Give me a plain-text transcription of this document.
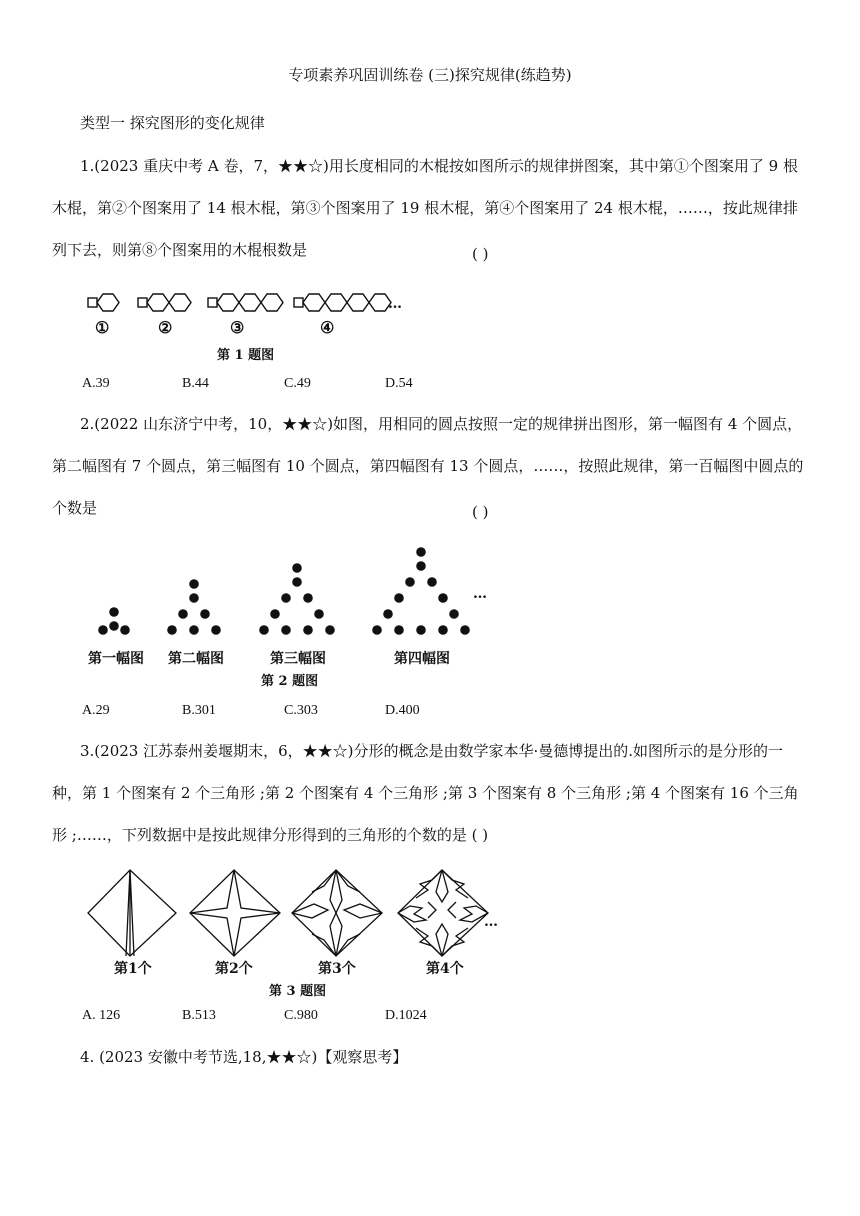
专项素养巩固训练卷 (三)探究规律(练趋势)
类型一 探究图形的变化规律

1.(2023 重庆中考 A 卷，7，★★☆)用长度相同的木棍按如图所示的规律拼图案，其中第①个图案用了 9 根木棍，第②个图案用了 14 根木棍，第③个图案用了 19 根木棍，第④个图案用了 24 根木棍，……，按此规律排列下去，则第⑧个图案用的木棍根数是	( )
①	②	③	④
…
第 1 题图
A.39	B.44	C.49	D.54

2.(2022 山东济宁中考，10，★★☆)如图，用相同的圆点按照一定的规律拼出图形，第一幅图有 4 个圆点，第二幅图有 7 个圆点，第三幅图有 10 个圆点，第四幅图有 13 个圆点，……，按照此规律，第一百幅图中圆点的个数是	( )
…
第一幅图 第二幅图	第三幅图	第四幅图
第 2 题图
A.29	B.301	C.303	D.400

3.(2023 江苏泰州姜堰期末，6，★★☆)分形的概念是由数学家本华·曼德博提出的.如图所示的是分形的一种，第 1 个图案有 2 个三角形 ;第 2 个图案有 4 个三角形 ;第 3 个图案有 8 个三角形 ;第 4 个图案有 16 个三角形 ;……，下列数据中是按此规律分形得到的三角形的个数的是 ( )

…
第1个	第2个	第3个	第4个
第 3 题图
A. 126	B.513	C.980	D.1024
4. (2023 安徽中考节选,18,★★☆)【观察思考】
